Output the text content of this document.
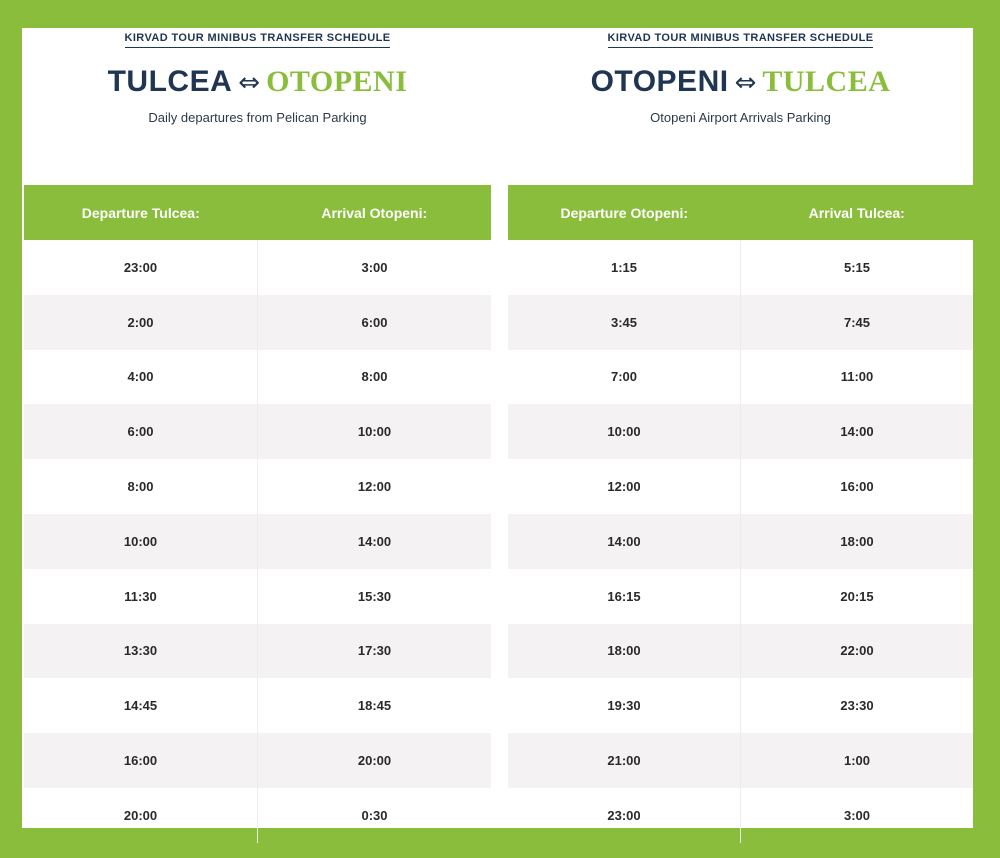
KIRVAD TOUR MINIBUS TRANSFER SCHEDULE
TULCEA ⇔ OTOPENI
Daily departures from Pelican Parking
Departure Tulcea:	Arrival Otopeni:
23:00	3:00
2:00	6:00
4:00	8:00
6:00	10:00
8:00	12:00
10:00	14:00
11:30	15:30
13:30	17:30
14:45	18:45
16:00	20:00
20:00	0:30
KIRVAD TOUR MINIBUS TRANSFER SCHEDULE
OTOPENI ⇔ TULCEA
Otopeni Airport Arrivals Parking
Departure Otopeni:	Arrival Tulcea:
1:15	5:15
3:45	7:45
7:00	11:00
10:00	14:00
12:00	16:00
14:00	18:00
16:15	20:15
18:00	22:00
19:30	23:30
21:00	1:00
23:00	3:00
